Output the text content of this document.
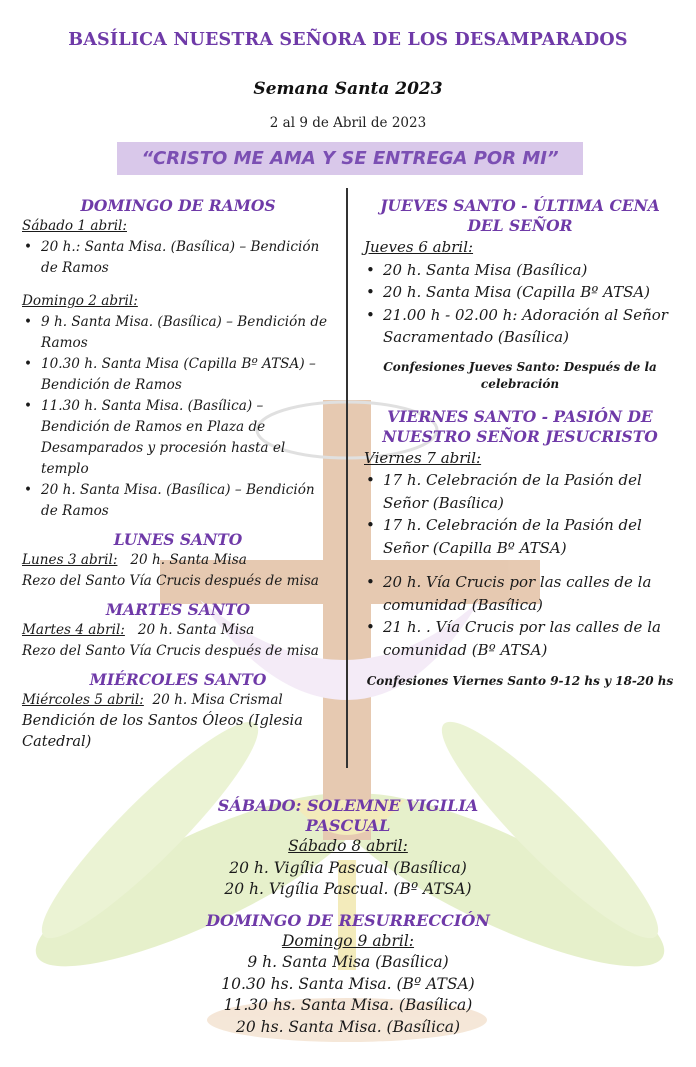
BASÍLICA NUESTRA SEÑORA DE LOS DESAMPARADOS
Semana Santa 2023
2 al 9 de Abril de 2023
“CRISTO ME AMA Y SE ENTREGA POR MI”
DOMINGO DE RAMOS
Sábado 1 abril:
• 20 h.: Santa Misa. (Basílica) – Bendición de Ramos
Domingo 2 abril:
• 9 h. Santa Misa. (Basílica) – Bendición de Ramos
• 10.30 h. Santa Misa (Capilla Bº ATSA) – Bendición de Ramos
• 11.30 h. Santa Misa. (Basílica) – Bendición de Ramos en Plaza de Desamparados y procesión hasta el templo
• 20 h. Santa Misa. (Basílica) – Bendición de Ramos
LUNES SANTO
Lunes 3 abril: 20 h. Santa Misa
Rezo del Santo Vía Crucis después de misa
MARTES SANTO
Martes 4 abril: 20 h. Santa Misa
Rezo del Santo Vía Crucis después de misa
MIÉRCOLES SANTO
Miércoles 5 abril: 20 h. Misa Crismal
Bendición de los Santos Óleos (Iglesia Catedral)
JUEVES SANTO - ÚLTIMA CENA DEL SEÑOR
Jueves 6 abril:
• 20 h. Santa Misa (Basílica)
• 20 h. Santa Misa (Capilla Bº ATSA)
• 21.00 h - 02.00 h: Adoración al Señor Sacramentado (Basílica)
Confesiones Jueves Santo: Después de la celebración
VIERNES SANTO - PASIÓN DE NUESTRO SEÑOR JESUCRISTO
Viernes 7 abril:
• 17 h. Celebración de la Pasión del Señor (Basílica)
• 17 h. Celebración de la Pasión del Señor (Capilla Bº ATSA)
• 20 h. Vía Crucis por las calles de la comunidad (Basílica)
• 21 h. . Vía Crucis por las calles de la comunidad (Bº ATSA)
Confesiones Viernes Santo 9-12 hs y 18-20 hs
SÁBADO: SOLEMNE VIGILIA PASCUAL
Sábado 8 abril:
20 h. Vigília Pascual (Basílica)
20 h. Vigília Pascual. (Bº ATSA)
DOMINGO DE RESURRECCIÓN
Domingo 9 abril:
9 h. Santa Misa (Basílica)
10.30 hs. Santa Misa. (Bº ATSA)
11.30 hs. Santa Misa. (Basílica)
20 hs. Santa Misa. (Basílica)
